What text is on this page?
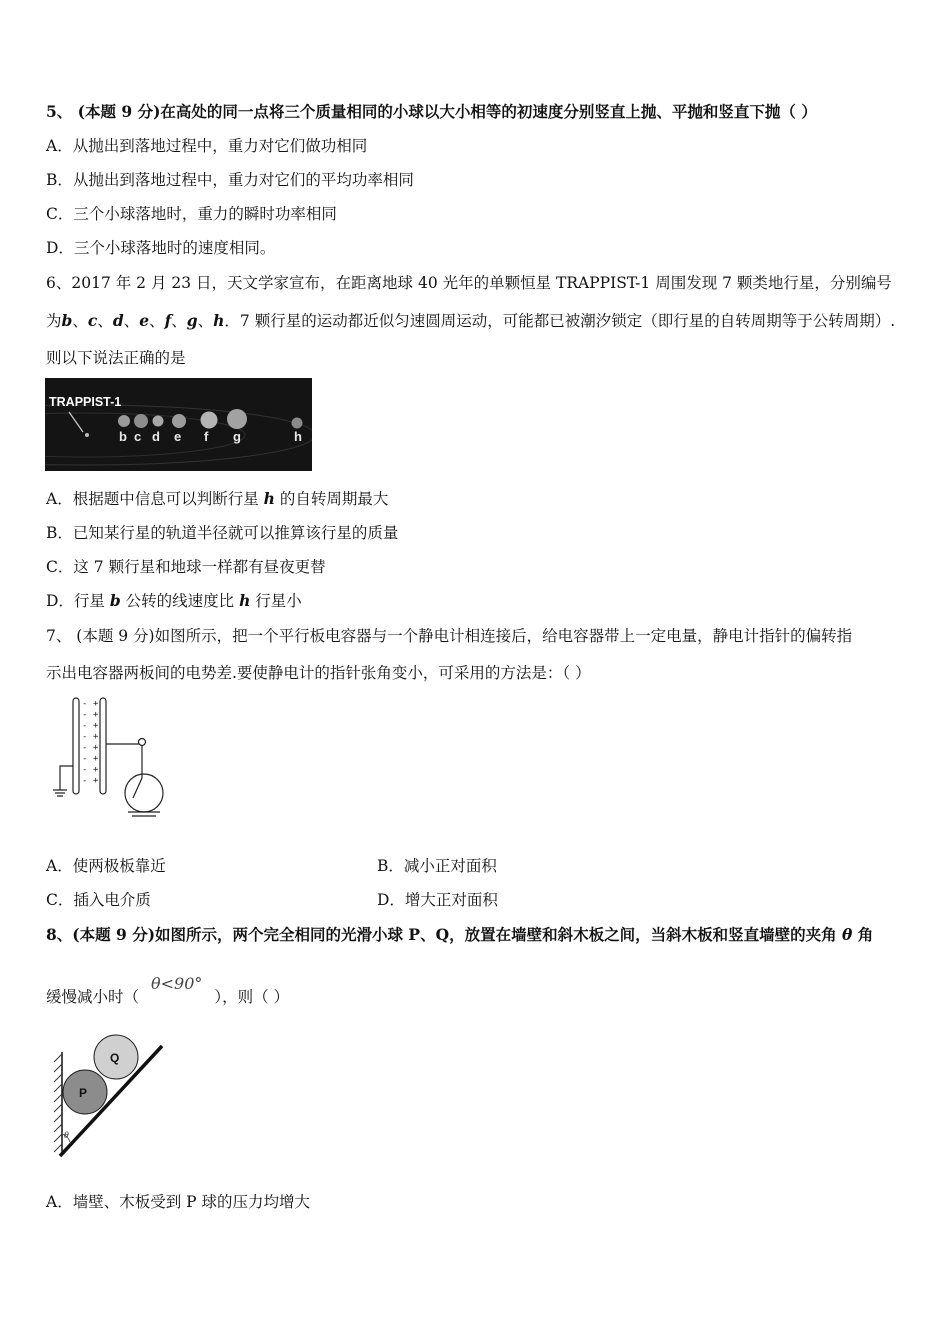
5、 (本题 9 分)在高处的同一点将三个质量相同的小球以大小相等的初速度分别竖直上抛、平抛和竖直下抛（ ）
A．从抛出到落地过程中，重力对它们做功相同
B．从抛出到落地过程中，重力对它们的平均功率相同
C．三个小球落地时，重力的瞬时功率相同
D．三个小球落地时的速度相同。
6、2017 年 2 月 23 日，天文学家宣布，在距离地球 40 光年的单颗恒星 TRAPPIST-1 周围发现 7 颗类地行星，分别编号
为b、c、d、e、f、g、h．7 颗行星的运动都近似匀速圆周运动，可能都已被潮汐锁定（即行星的自转周期等于公转周期）.
则以下说法正确的是
TRAPPIST-1
b c d e f g	h
A．根据题中信息可以判断行星 h 的自转周期最大
B．已知某行星的轨道半径就可以推算该行星的质量
C．这 7 颗行星和地球一样都有昼夜更替
D．行星 b 公转的线速度比 h 行星小
7、 (本题 9 分)如图所示，把一个平行板电容器与一个静电计相连接后，给电容器带上一定电量，静电计指针的偏转指
示出电容器两板间的电势差.要使静电计的指针张角变小，可采用的方法是：（ ）
-
-
-
-
-
-
-
-
+
+
+
+
+
+
+
+
A．使两极板靠近	B．减小正对面积
C．插入电介质	D．增大正对面积
8、(本题 9 分)如图所示，两个完全相同的光滑小球 P、Q，放置在墙壁和斜木板之间，当斜木板和竖直墙壁的夹角 θ 角
缓慢减小时（θ<90°），则（ ）
θ
P
Q
A．墙壁、木板受到 P 球的压力均增大
